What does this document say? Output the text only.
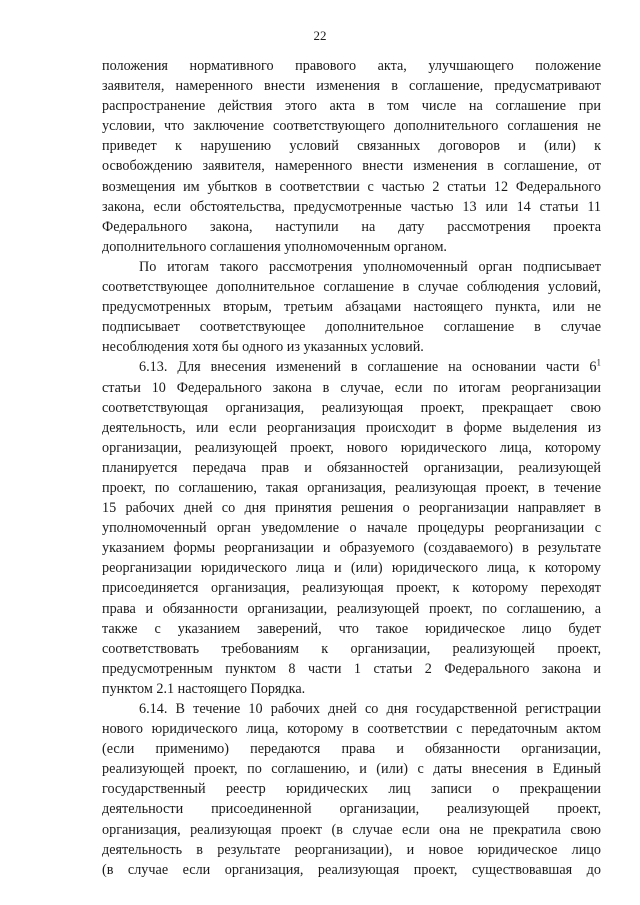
22
положения нормативного правового акта, улучшающего положение
заявителя, намеренного внести изменения в соглашение, предусматривают
распространение действия этого акта в том числе на соглашение при
условии, что заключение соответствующего дополнительного соглашения не
приведет к нарушению условий связанных договоров и (или) к
освобождению заявителя, намеренного внести изменения в соглашение, от
возмещения им убытков в соответствии с частью 2 статьи 12 Федерального
закона, если обстоятельства, предусмотренные частью 13 или 14 статьи 11
Федерального закона, наступили на дату рассмотрения проекта
дополнительного соглашения уполномоченным органом.
По итогам такого рассмотрения уполномоченный орган подписывает
соответствующее дополнительное соглашение в случае соблюдения условий,
предусмотренных вторым, третьим абзацами настоящего пункта, или не
подписывает соответствующее дополнительное соглашение в случае
несоблюдения хотя бы одного из указанных условий.
6.13. Для внесения изменений в соглашение на основании части $6^1$
статьи 10 Федерального закона в случае, если по итогам реорганизации
соответствующая организация, реализующая проект, прекращает свою
деятельность, или если реорганизация происходит в форме выделения из
организации, реализующей проект, нового юридического лица, которому
планируется передача прав и обязанностей организации, реализующей
проект, по соглашению, такая организация, реализующая проект, в течение
15 рабочих дней со дня принятия решения о реорганизации направляет в
уполномоченный орган уведомление о начале процедуры реорганизации с
указанием формы реорганизации и образуемого (создаваемого) в результате
реорганизации юридического лица и (или) юридического лица, к которому
присоединяется организация, реализующая проект, к которому переходят
права и обязанности организации, реализующей проект, по соглашению, а
также с указанием заверений, что такое юридическое лицо будет
соответствовать требованиям к организации, реализующей проект,
предусмотренным пунктом 8 части 1 статьи 2 Федерального закона и
пунктом 2.1 настоящего Порядка.
6.14. В течение 10 рабочих дней со дня государственной регистрации
нового юридического лица, которому в соответствии с передаточным актом
(если применимо) передаются права и обязанности организации,
реализующей проект, по соглашению, и (или) с даты внесения в Единый
государственный реестр юридических лиц записи о прекращении
деятельности присоединенной организации, реализующей проект,
организация, реализующая проект (в случае если она не прекратила свою
деятельность в результате реорганизации), и новое юридическое лицо
(в случае если организация, реализующая проект, существовавшая до
